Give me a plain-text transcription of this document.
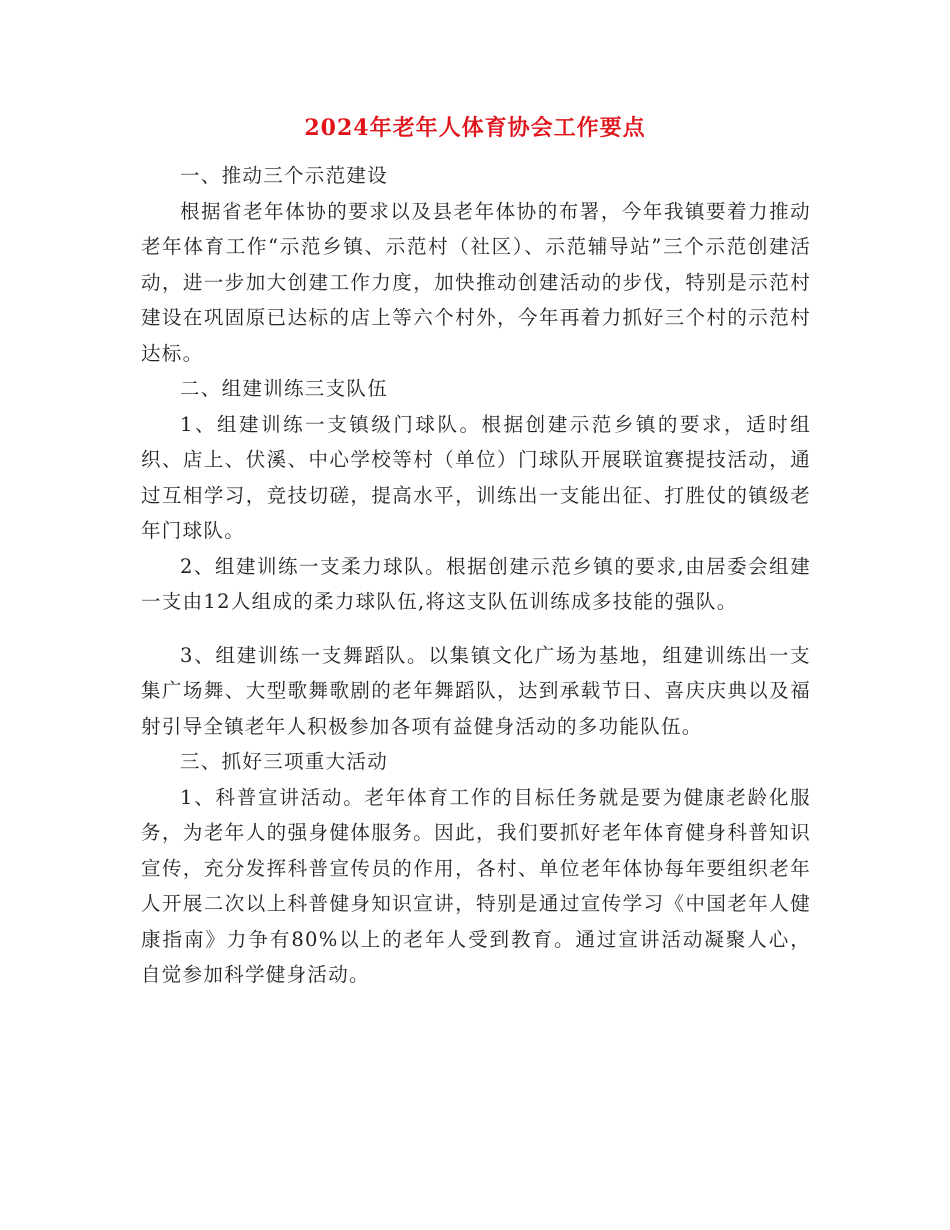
2024年老年人体育协会工作要点

一、推动三个示范建设

根据省老年体协的要求以及县老年体协的布署，今年我镇要着力推动老年体育工作“示范乡镇、示范村（社区）、示范辅导站”三个示范创建活动，进一步加大创建工作力度，加快推动创建活动的步伐，特别是示范村建设在巩固原已达标的店上等六个村外，今年再着力抓好三个村的示范村达标。

二、组建训练三支队伍

1、组建训练一支镇级门球队。根据创建示范乡镇的要求，适时组织、店上、伏溪、中心学校等村（单位）门球队开展联谊赛提技活动，通过互相学习，竞技切磋，提高水平，训练出一支能出征、打胜仗的镇级老年门球队。

2、组建训练一支柔力球队。根据创建示范乡镇的要求,由居委会组建一支由12人组成的柔力球队伍,将这支队伍训练成多技能的强队。

3、组建训练一支舞蹈队。以集镇文化广场为基地，组建训练出一支集广场舞、大型歌舞歌剧的老年舞蹈队，达到承载节日、喜庆庆典以及福射引导全镇老年人积极参加各项有益健身活动的多功能队伍。

三、抓好三项重大活动

1、科普宣讲活动。老年体育工作的目标任务就是要为健康老龄化服务，为老年人的强身健体服务。因此，我们要抓好老年体育健身科普知识宣传，充分发挥科普宣传员的作用，各村、单位老年体协每年要组织老年人开展二次以上科普健身知识宣讲，特别是通过宣传学习《中国老年人健康指南》力争有80%以上的老年人受到教育。通过宣讲活动凝聚人心，自觉参加科学健身活动。
